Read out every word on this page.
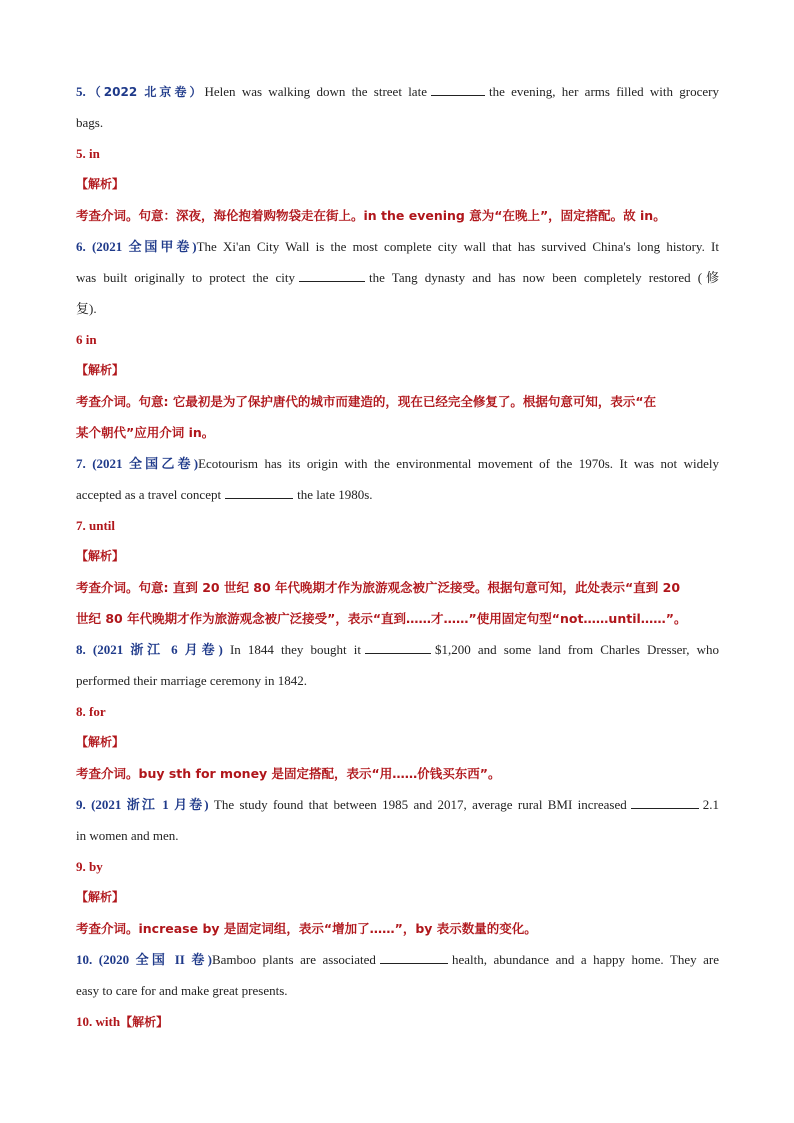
5.（2022 北京卷）Helen was walking down the street late	the evening, her arms filled with grocery
bags.
5. in
【解析】
考查介词。句意：深夜，海伦抱着购物袋走在街上。in the evening 意为“在晚上”，固定搭配。故 in。
6. (2021 全国甲卷)The Xi'an City Wall is the most complete city wall that has survived China's long history. It
was built originally to protect the city	the Tang dynasty and has now been completely restored (修
复).
6 in
【解析】
考查介词。句意: 它最初是为了保护唐代的城市而建造的，现在已经完全修复了。根据句意可知，表示“在
某个朝代”应用介词 in。
7. (2021 全国乙卷)Ecotourism has its origin with the environmental movement of the 1970s. It was not widely
accepted as a travel concept	the late 1980s.
7. until
【解析】
考查介词。句意: 直到 20 世纪 80 年代晚期才作为旅游观念被广泛接受。根据句意可知，此处表示“直到 20
世纪 80 年代晚期才作为旅游观念被广泛接受”，表示“直到……才……”使用固定句型“not……until……”。
8. (2021 浙江 6 月卷) In 1844 they bought it	$1,200 and some land from Charles Dresser, who
performed their marriage ceremony in 1842.
8. for
【解析】
考查介词。buy sth for money 是固定搭配，表示“用……价钱买东西”。
9. (2021 浙江 1 月卷) The study found that between 1985 and 2017, average rural BMI increased	2.1
in women and men.
9. by
【解析】
考查介词。increase by 是固定词组，表示“增加了……”，by 表示数量的变化。
10. (2020 全国 II 卷)Bamboo plants are associated	health, abundance and a happy home. They are
easy to care for and make great presents.
10. with【解析】
